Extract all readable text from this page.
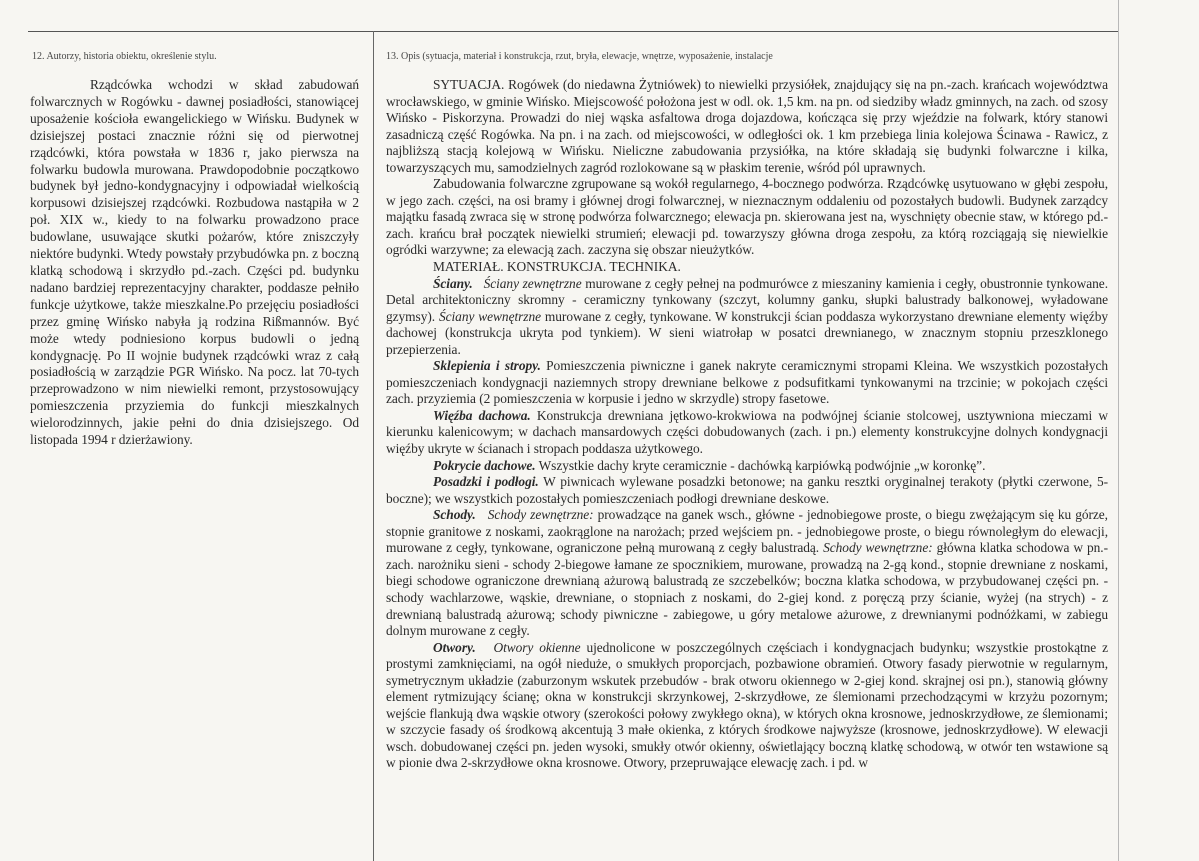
12. Autorzy, historia obiektu, określenie stylu.

Rządcówka wchodzi w skład zabudowań folwarcznych w Rogówku - dawnej posiadłości, stanowiącej uposażenie kościoła ewangelickiego w Wińsku. Budynek w dzisiejszej postaci znacznie różni się od pierwotnej rządcówki, która powstała w 1836 r, jako pierwsza na folwarku budowla murowana. Prawdopodobnie początkowo budynek był jedno-kondygnacyjny i odpowiadał wielkością korpusowi dzisiejszej rządcówki. Rozbudowa nastąpiła w 2 poł. XIX w., kiedy to na folwarku prowadzono prace budowlane, usuwające skutki pożarów, które zniszczyły niektóre budynki. Wtedy powstały przybudówka pn. z boczną klatką schodową i skrzydło pd.-zach. Części pd. budynku nadano bardziej reprezentacyjny charakter, poddasze pełniło funkcje użytkowe, także mieszkalne.Po przejęciu posiadłości przez gminę Wińsko nabyła ją rodzina Rißmannów. Być może wtedy podniesiono korpus budowli o jedną kondygnację. Po II wojnie budynek rządcówki wraz z całą posiadłością w zarządzie PGR Wińsko. Na pocz. lat 70-tych przeprowadzono w nim niewielki remont, przystosowujący pomieszczenia przyziemia do funkcji mieszkalnych wielorodzinnych, jakie pełni do dnia dzisiejszego. Od listopada 1994 r dzierżawiony.

13. Opis (sytuacja, materiał i konstrukcja, rzut, bryła, elewacje, wnętrze, wyposażenie, instalacje

SYTUACJA. Rogówek (do niedawna Żytniówek) to niewielki przysiółek, znajdujący się na pn.-zach. krańcach województwa wrocławskiego, w gminie Wińsko. Miejscowość położona jest w odl. ok. 1,5 km. na pn. od siedziby władz gminnych, na zach. od szosy Wińsko - Piskorzyna. Prowadzi do niej wąska asfaltowa droga dojazdowa, kończąca się przy wjeździe na folwark, który stanowi zasadniczą część Rogówka. Na pn. i na zach. od miejscowości, w odległości ok. 1 km przebiega linia kolejowa Ścinawa - Rawicz, z najbliższą stacją kolejową w Wińsku. Nieliczne zabudowania przysiółka, na które składają się budynki folwarczne i kilka, towarzyszących mu, samodzielnych zagród rozlokowane są w płaskim terenie, wśród pól uprawnych.

Zabudowania folwarczne zgrupowane są wokół regularnego, 4-bocznego podwórza. Rządcówkę usytuowano w głębi zespołu, w jego zach. części, na osi bramy i głównej drogi folwarcznej, w nieznacznym oddaleniu od pozostałych budowli. Budynek zarządcy majątku fasadą zwraca się w stronę podwórza folwarcznego; elewacja pn. skierowana jest na, wyschnięty obecnie staw, w którego pd.-zach. krańcu brał początek niewielki strumień; elewacji pd. towarzyszy główna droga zespołu, za którą rozciągają się niewielkie ogródki warzywne; za elewacją zach. zaczyna się obszar nieużytków.

MATERIAŁ. KONSTRUKCJA. TECHNIKA.

Ściany. Ściany zewnętrzne murowane z cegły pełnej na podmurówce z mieszaniny kamienia i cegły, obustronnie tynkowane. Detal architektoniczny skromny - ceramiczny tynkowany (szczyt, kolumny ganku, słupki balustrady balkonowej, wyładowane gzymsy). Ściany wewnętrzne murowane z cegły, tynkowane. W konstrukcji ścian poddasza wykorzystano drewniane elementy więźby dachowej (konstrukcja ukryta pod tynkiem). W sieni wiatrołap w posatci drewnianego, w znacznym stopniu przeszklonego przepierzenia.

Sklepienia i stropy. Pomieszczenia piwniczne i ganek nakryte ceramicznymi stropami Kleina. We wszystkich pozostałych pomieszczeniach kondygnacji naziemnych stropy drewniane belkowe z podsufitkami tynkowanymi na trzcinie; w pokojach części zach. przyziemia (2 pomieszczenia w korpusie i jedno w skrzydle) stropy fasetowe.

Więźba dachowa. Konstrukcja drewniana jętkowo-krokwiowa na podwójnej ścianie stolcowej, usztywniona mieczami w kierunku kalenicowym; w dachach mansardowych części dobudowanych (zach. i pn.) elementy konstrukcyjne dolnych kondygnacji więźby ukryte w ścianach i stropach poddasza użytkowego.

Pokrycie dachowe. Wszystkie dachy kryte ceramicznie - dachówką karpiówką podwójnie „w koronkę”.

Posadzki i podłogi. W piwnicach wylewane posadzki betonowe; na ganku resztki oryginalnej terakoty (płytki czerwone, 5-boczne); we wszystkich pozostałych pomieszczeniach podłogi drewniane deskowe.

Schody. Schody zewnętrzne: prowadzące na ganek wsch., główne - jednobiegowe proste, o biegu zwężającym się ku górze, stopnie granitowe z noskami, zaokrąglone na narożach; przed wejściem pn. - jednobiegowe proste, o biegu równoległym do elewacji, murowane z cegły, tynkowane, ograniczone pełną murowaną z cegły balustradą. Schody wewnętrzne: główna klatka schodowa w pn.-zach. narożniku sieni - schody 2-biegowe łamane ze spocznikiem, murowane, prowadzą na 2-gą kond., stopnie drewniane z noskami, biegi schodowe ograniczone drewnianą ażurową balustradą ze szczebelków; boczna klatka schodowa, w przybudowanej części pn. - schody wachlarzowe, wąskie, drewniane, o stopniach z noskami, do 2-giej kond. z poręczą przy ścianie, wyżej (na strych) - z drewnianą balustradą ażurową; schody piwniczne - zabiegowe, u góry metalowe ażurowe, z drewnianymi podnóżkami, w zabiegu dolnym murowane z cegły.

Otwory. Otwory okienne ujednolicone w poszczególnych częściach i kondygnacjach budynku; wszystkie prostokątne z prostymi zamknięciami, na ogół nieduże, o smukłych proporcjach, pozbawione obramień. Otwory fasady pierwotnie w regularnym, symetrycznym układzie (zaburzonym wskutek przebudów - brak otworu okiennego w 2-giej kond. skrajnej osi pn.), stanowią główny element rytmizujący ścianę; okna w konstrukcji skrzynkowej, 2-skrzydłowe, ze ślemionami przechodzącymi w krzyżu pozornym; wejście flankują dwa wąskie otwory (szerokości połowy zwykłego okna), w których okna krosnowe, jednoskrzydłowe, ze ślemionami; w szczycie fasady oś środkową akcentują 3 małe okienka, z których środkowe najwyższe (krosnowe, jednoskrzydłowe). W elewacji wsch. dobudowanej części pn. jeden wysoki, smukły otwór okienny, oświetlający boczną klatkę schodową, w otwór ten wstawione są w pionie dwa 2-skrzydłowe okna krosnowe. Otwory, przepruwające elewację zach. i pd. w
